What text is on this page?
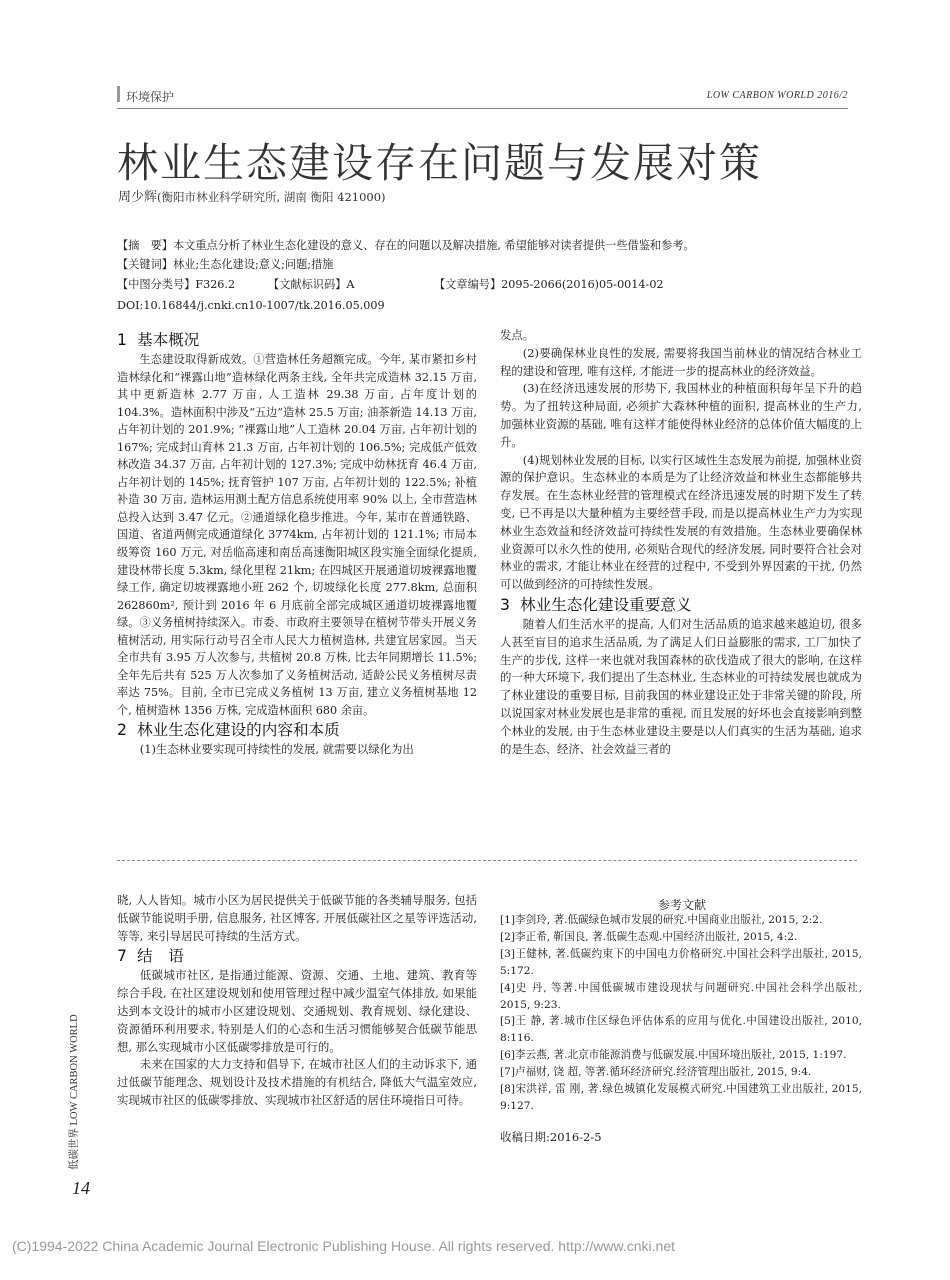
环境保护	LOW CARBON WORLD 2016/2
林业生态建设存在问题与发展对策
周少辉(衡阳市林业科学研究所, 湖南 衡阳 421000)
【摘　要】本文重点分析了林业生态化建设的意义、存在的问题以及解决措施, 希望能够对读者提供一些借鉴和参考。
【关键词】林业;生态化建设;意义;问题;措施
【中图分类号】F326.2	【文献标识码】A	【文章编号】2095-2066(2016)05-0014-02
DOI:10.16844/j.cnki.cn10-1007/tk.2016.05.009
1 基本概况

生态建设取得新成效。①营造林任务超额完成。今年, 某市紧扣乡村造林绿化和“裸露山地”造林绿化两条主线, 全年共完成造林 32.15 万亩, 其中更新造林 2.77 万亩, 人工造林 29.38 万亩, 占年度计划的 104.3%。造林面积中涉及“五边”造林 25.5 万亩; 油茶新造 14.13 万亩, 占年初计划的 201.9%; “裸露山地”人工造林 20.04 万亩, 占年初计划的 167%; 完成封山育林 21.3 万亩, 占年初计划的 106.5%; 完成低产低效林改造 34.37 万亩, 占年初计划的 127.3%; 完成中幼林抚育 46.4 万亩, 占年初计划的 145%; 抚育管护 107 万亩, 占年初计划的 122.5%; 补植补造 30 万亩, 造林运用测土配方信息系统使用率 90% 以上, 全市营造林总投入达到 3.47 亿元。②通道绿化稳步推进。今年, 某市在普通铁路、国道、省道两侧完成通道绿化 3774km, 占年初计划的 121.1%; 市局本级筹资 160 万元, 对岳临高速和南岳高速衡阳城区段实施全面绿化提质, 建设林带长度 5.3km, 绿化里程 21km; 在四城区开展通道切坡裸露地覆绿工作, 确定切坡裸露地小班 262 个, 切坡绿化长度 277.8km, 总面积 262860m², 预计到 2016 年 6 月底前全部完成城区通道切坡裸露地覆绿。③义务植树持续深入。市委、市政府主要领导在植树节带头开展义务植树活动, 用实际行动号召全市人民大力植树造林, 共建宜居家园。当天全市共有 3.95 万人次参与, 共植树 20.8 万株, 比去年同期增长 11.5%; 全年先后共有 525 万人次参加了义务植树活动, 适龄公民义务植树尽责率达 75%。目前, 全市已完成义务植树 13 万亩, 建立义务植树基地 12 个, 植树造林 1356 万株, 完成造林面积 680 余亩。

2 林业生态化建设的内容和本质

(1)生态林业要实现可持续性的发展, 就需要以绿化为出

发点。

(2)要确保林业良性的发展, 需要将我国当前林业的情况结合林业工程的建设和管理, 唯有这样, 才能进一步的提高林业的经济效益。

(3)在经济迅速发展的形势下, 我国林业的种植面积每年呈下升的趋势。为了扭转这种局面, 必须扩大森林种植的面积, 提高林业的生产力, 加强林业资源的基础, 唯有这样才能使得林业经济的总体价值大幅度的上升。

(4)规划林业发展的目标, 以实行区域性生态发展为前提, 加强林业资源的保护意识。生态林业的本质是为了让经济效益和林业生态都能够共存发展。在生态林业经营的管理模式在经济迅速发展的时期下发生了转变, 已不再是以大量种植为主要经营手段, 而是以提高林业生产力为实现林业生态效益和经济效益可持续性发展的有效措施。生态林业要确保林业资源可以永久性的使用, 必须贴合现代的经济发展, 同时要符合社会对林业的需求, 才能让林业在经营的过程中, 不受到外界因素的干扰, 仍然可以做到经济的可持续性发展。

3 林业生态化建设重要意义

随着人们生活水平的提高, 人们对生活品质的追求越来越迫切, 很多人甚至盲目的追求生活品质, 为了满足人们日益膨胀的需求, 工厂加快了生产的步伐, 这样一来也就对我国森林的砍伐造成了很大的影响, 在这样的一种大环境下, 我们提出了生态林业, 生态林业的可持续发展也就成为了林业建设的重要目标, 目前我国的林业建设正处于非常关键的阶段, 所以说国家对林业发展也是非常的重视, 而且发展的好坏也会直接影响到整个林业的发展, 由于生态林业建设主要是以人们真实的生活为基础, 追求的是生态、经济、社会效益三者的

晓, 人人皆知。城市小区为居民提供关于低碳节能的各类辅导服务, 包括低碳节能说明手册, 信息服务, 社区博客, 开展低碳社区之星等评选活动, 等等, 来引导居民可持续的生活方式。

7 结　语

低碳城市社区, 是指通过能源、资源、交通、土地、建筑、教育等综合手段, 在社区建设规划和使用管理过程中减少温室气体排放, 如果能达到本文设计的城市小区建设规划、交通规划、教育规划、绿化建设、资源循环利用要求, 特别是人们的心态和生活习惯能够契合低碳节能思想, 那么实现城市小区低碳零排放是可行的。

未来在国家的大力支持和倡导下, 在城市社区人们的主动诉求下, 通过低碳节能理念、规划设计及技术措施的有机结合, 降低大气温室效应, 实现城市社区的低碳零排放、实现城市社区舒适的居住环境指日可待。

参考文献

[1]李剑玲, 著.低碳绿色城市发展的研究.中国商业出版社, 2015, 2:2.

[2]李正希, 靳国良, 著.低碳生态观.中国经济出版社, 2015, 4:2.

[3]王健林, 著.低碳约束下的中国电力价格研究.中国社会科学出版社, 2015, 5:172.

[4]史 丹, 等著.中国低碳城市建设现状与问题研究.中国社会科学出版社, 2015, 9:23.

[5]王 静, 著.城市住区绿色评估体系的应用与优化.中国建设出版社, 2010, 8:116.

[6]李云燕, 著.北京市能源消费与低碳发展.中国环境出版社, 2015, 1:197.

[7]卢福财, 饶 超, 等著.循环经济研究.经济管理出版社, 2015, 9:4.

[8]宋洪祥, 雷 刚, 著.绿色城镇化发展模式研究.中国建筑工业出版社, 2015, 9:127.

收稿日期:2016-2-5

低碳世界 LOW CARBON WORLD
14
(C)1994-2022 China Academic Journal Electronic Publishing House. All rights reserved. http://www.cnki.net
